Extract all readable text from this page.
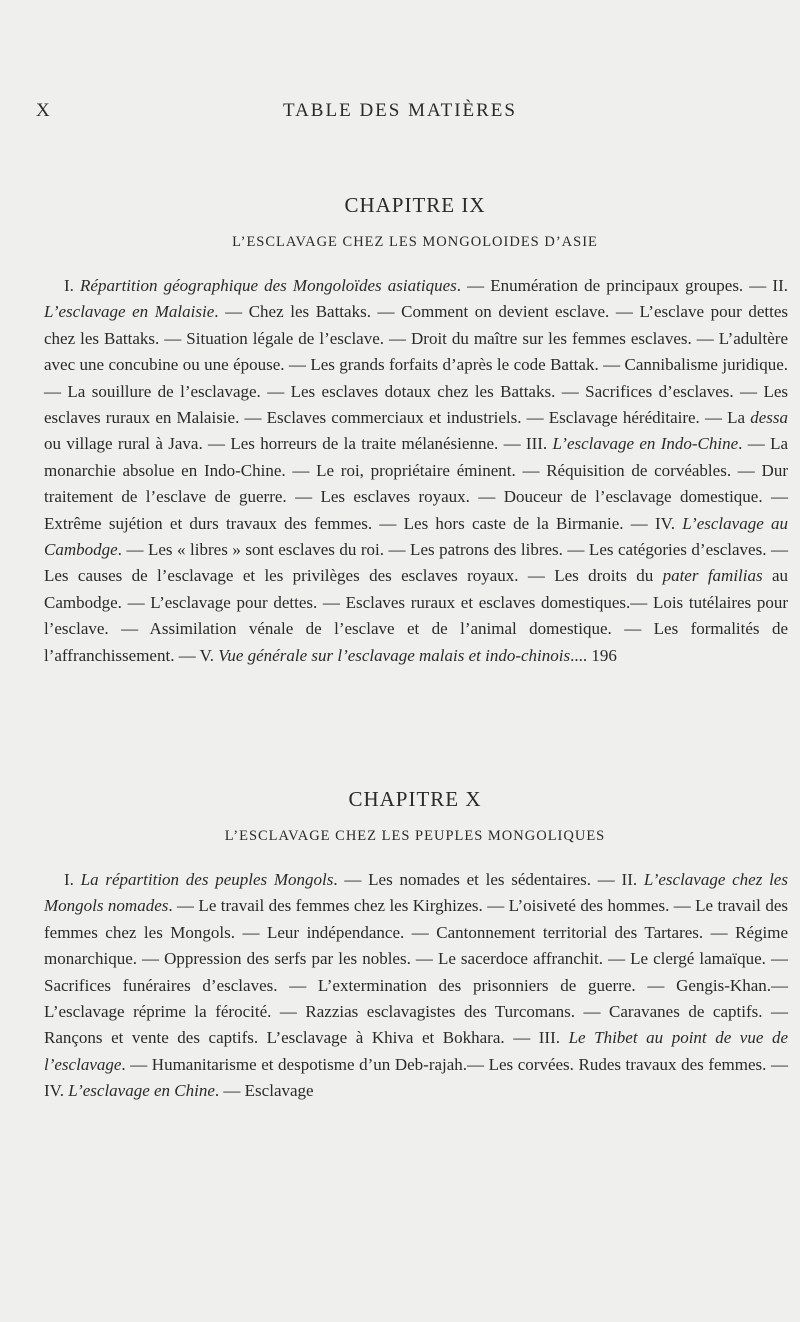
X	TABLE DES MATIÈRES
CHAPITRE IX
L’ESCLAVAGE CHEZ LES MONGOLOIDES D’ASIE

I. Répartition géographique des Mongoloïdes asiatiques. — Enumération de principaux groupes. — II. L’esclavage en Malaisie. — Chez les Battaks. — Comment on devient esclave. — L’esclave pour dettes chez les Battaks. — Situation légale de l’esclave. — Droit du maître sur les femmes esclaves. — L’adultère avec une concubine ou une épouse. — Les grands forfaits d’après le code Battak. — Cannibalisme juridique. — La souillure de l’esclavage. — Les esclaves dotaux chez les Battaks. — Sacrifices d’esclaves. — Les esclaves ruraux en Malaisie. — Esclaves commerciaux et industriels. — Esclavage héréditaire. — La dessa ou village rural à Java. — Les horreurs de la traite mélanésienne. — III. L’esclavage en Indo-Chine. — La monarchie absolue en Indo-Chine. — Le roi, propriétaire éminent. — Réquisition de corvéables. — Dur traitement de l’esclave de guerre. — Les esclaves royaux. — Douceur de l’esclavage domestique. — Extrême sujétion et durs travaux des femmes. — Les hors caste de la Birmanie. — IV. L’esclavage au Cambodge. — Les « libres » sont esclaves du roi. — Les patrons des libres. — Les catégories d’esclaves. — Les causes de l’esclavage et les privilèges des esclaves royaux. — Les droits du pater familias au Cambodge. — L’esclavage pour dettes. — Esclaves ruraux et esclaves domestiques.— Lois tutélaires pour l’esclave. — Assimilation vénale de l’esclave et de l’animal domestique. — Les formalités de l’affranchissement. — V. Vue générale sur l’esclavage malais et indo-chinois.... 196

CHAPITRE X
L’ESCLAVAGE CHEZ LES PEUPLES MONGOLIQUES

I. La répartition des peuples Mongols. — Les nomades et les sédentaires. — II. L’esclavage chez les Mongols nomades. — Le travail des femmes chez les Kirghizes. — L’oisiveté des hommes. — Le travail des femmes chez les Mongols. — Leur indépendance. — Cantonnement territorial des Tartares. — Régime monarchique. — Oppression des serfs par les nobles. — Le sacerdoce affranchit. — Le clergé lamaïque. — Sacrifices funéraires d’esclaves. — L’extermination des prisonniers de guerre. — Gengis-Khan.— L’esclavage réprime la férocité. — Razzias esclavagistes des Turcomans. — Caravanes de captifs. — Rançons et vente des captifs. L’esclavage à Khiva et Bokhara. — III. Le Thibet au point de vue de l’esclavage. — Humanitarisme et despotisme d’un Deb-rajah.— Les corvées. Rudes travaux des femmes. — IV. L’esclavage en Chine. — Esclavage
